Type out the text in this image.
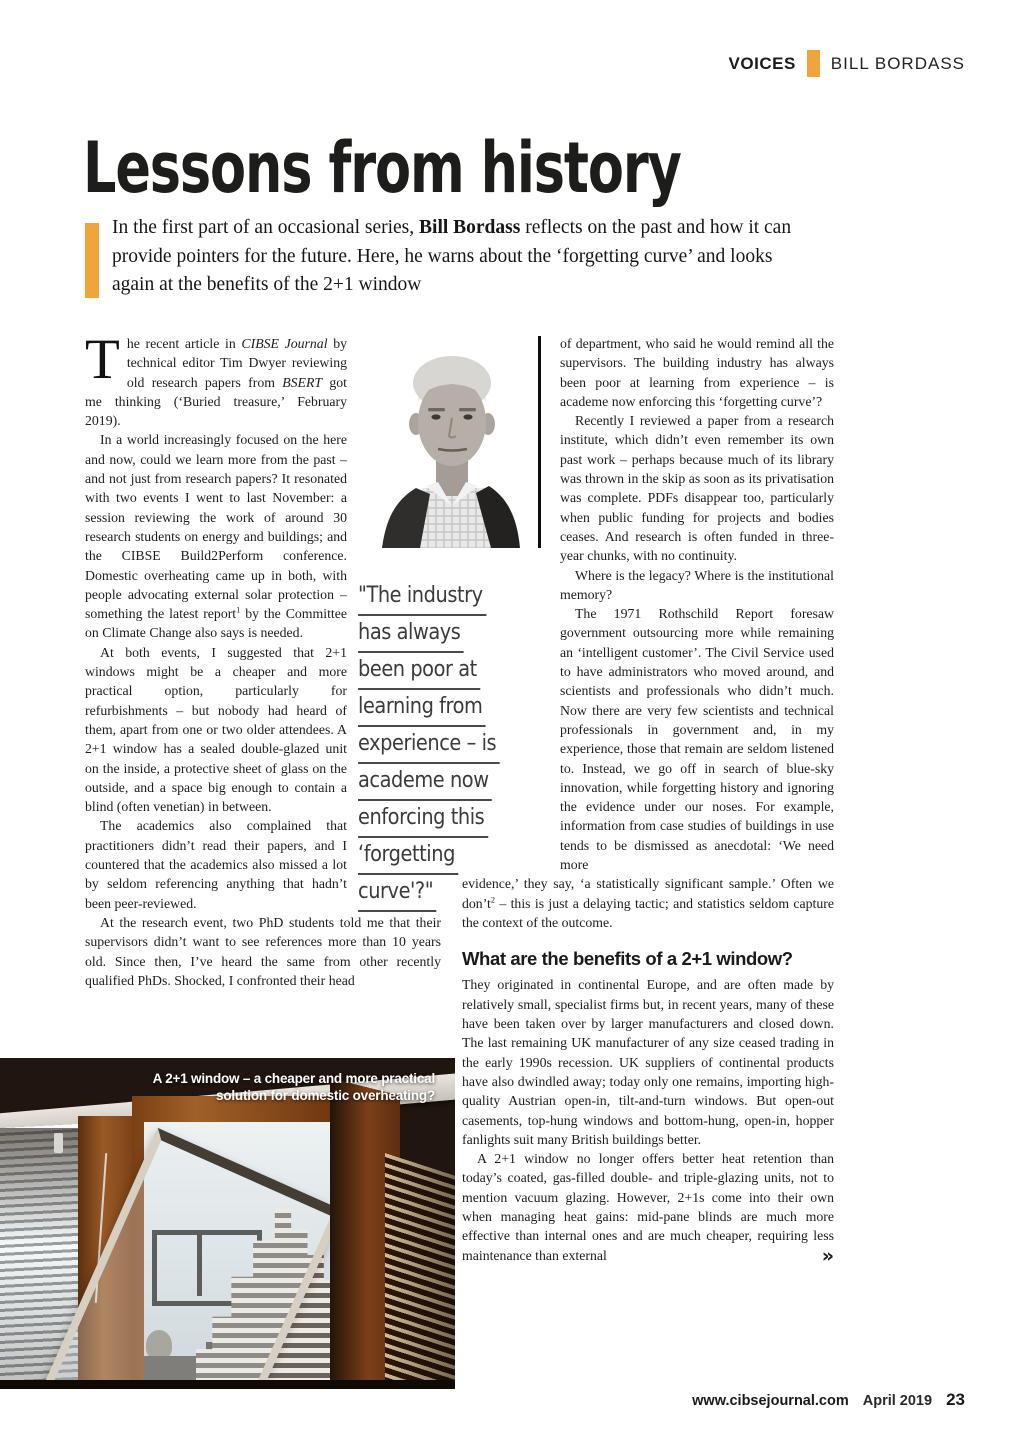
VOICES BILL BORDASS
Lessons from history

In the first part of an occasional series, Bill Bordass reflects on the past and how it can provide pointers for the future. Here, he warns about the ‘forgetting curve’ and looks again at the benefits of the 2+1 window

The recent article in CIBSE Journal by technical editor Tim Dwyer reviewing old research papers from BSERT got me thinking (‘Buried treasure,’ February 2019).

In a world increasingly focused on the here and now, could we learn more from the past – and not just from research papers? It resonated with two events I went to last November: a session reviewing the work of around 30 research students on energy and buildings; and the CIBSE Build2Perform conference. Domestic overheating came up in both, with people advocating external solar protection – something the latest report$^1$ by the Committee on Climate Change also says is needed.

At both events, I suggested that 2+1 windows might be a cheaper and more practical option, particularly for refurbishments – but nobody had heard of them, apart from one or two older attendees. A 2+1 window has a sealed double-glazed unit on the inside, a protective sheet of glass on the outside, and a space big enough to contain a blind (often venetian) in between.

The academics also complained that practitioners didn’t read their papers, and I countered that the academics also missed a lot by seldom referencing anything that hadn’t been peer-reviewed.

At the research event, two PhD students told me that their supervisors didn’t want to see references more than 10 years old. Since then, I’ve heard the same from other recently qualified PhDs. Shocked, I confronted their head

"The industry
has always
been poor at
learning from
experience – is
academe now
enforcing this
‘forgetting
curve'?"

of department, who said he would remind all the supervisors. The building industry has always been poor at learning from experience – is academe now enforcing this ‘forgetting curve’?

Recently I reviewed a paper from a research institute, which didn’t even remember its own past work – perhaps because much of its library was thrown in the skip as soon as its privatisation was complete. PDFs disappear too, particularly when public funding for projects and bodies ceases. And research is often funded in three-year chunks, with no continuity.

Where is the legacy? Where is the institutional memory?

The 1971 Rothschild Report foresaw government outsourcing more while remaining an ‘intelligent customer’. The Civil Service used to have administrators who moved around, and scientists and professionals who didn’t much. Now there are very few scientists and technical professionals in government and, in my experience, those that remain are seldom listened to. Instead, we go off in search of blue-sky innovation, while forgetting history and ignoring the evidence under our noses. For example, information from case studies of buildings in use tends to be dismissed as anecdotal: ‘We need more

evidence,’ they say, ‘a statistically significant sample.’ Often we $don’t^2$ – this is just a delaying tactic; and statistics seldom capture the context of the outcome.

What are the benefits of a 2+1 window?

They originated in continental Europe, and are often made by relatively small, specialist firms but, in recent years, many of these have been taken over by larger manufacturers and closed down. The last remaining UK manufacturer of any size ceased trading in the early 1990s recession. UK suppliers of continental products have also dwindled away; today only one remains, importing high-quality Austrian open-in, tilt-and-turn windows. But open-out casements, top-hung windows and bottom-hung, open-in, hopper fanlights suit many British buildings better.

A 2+1 window no longer offers better heat retention than today’s coated, gas-filled double- and triple-glazing units, not to mention vacuum glazing. However, 2+1s come into their own when managing heat gains: mid-pane blinds are much more effective than internal ones and are much cheaper, requiring less maintenance than external	»

A 2+1 window – a cheaper and more practical solution for domestic overheating?
www.cibsejournal.com April 2019 23
